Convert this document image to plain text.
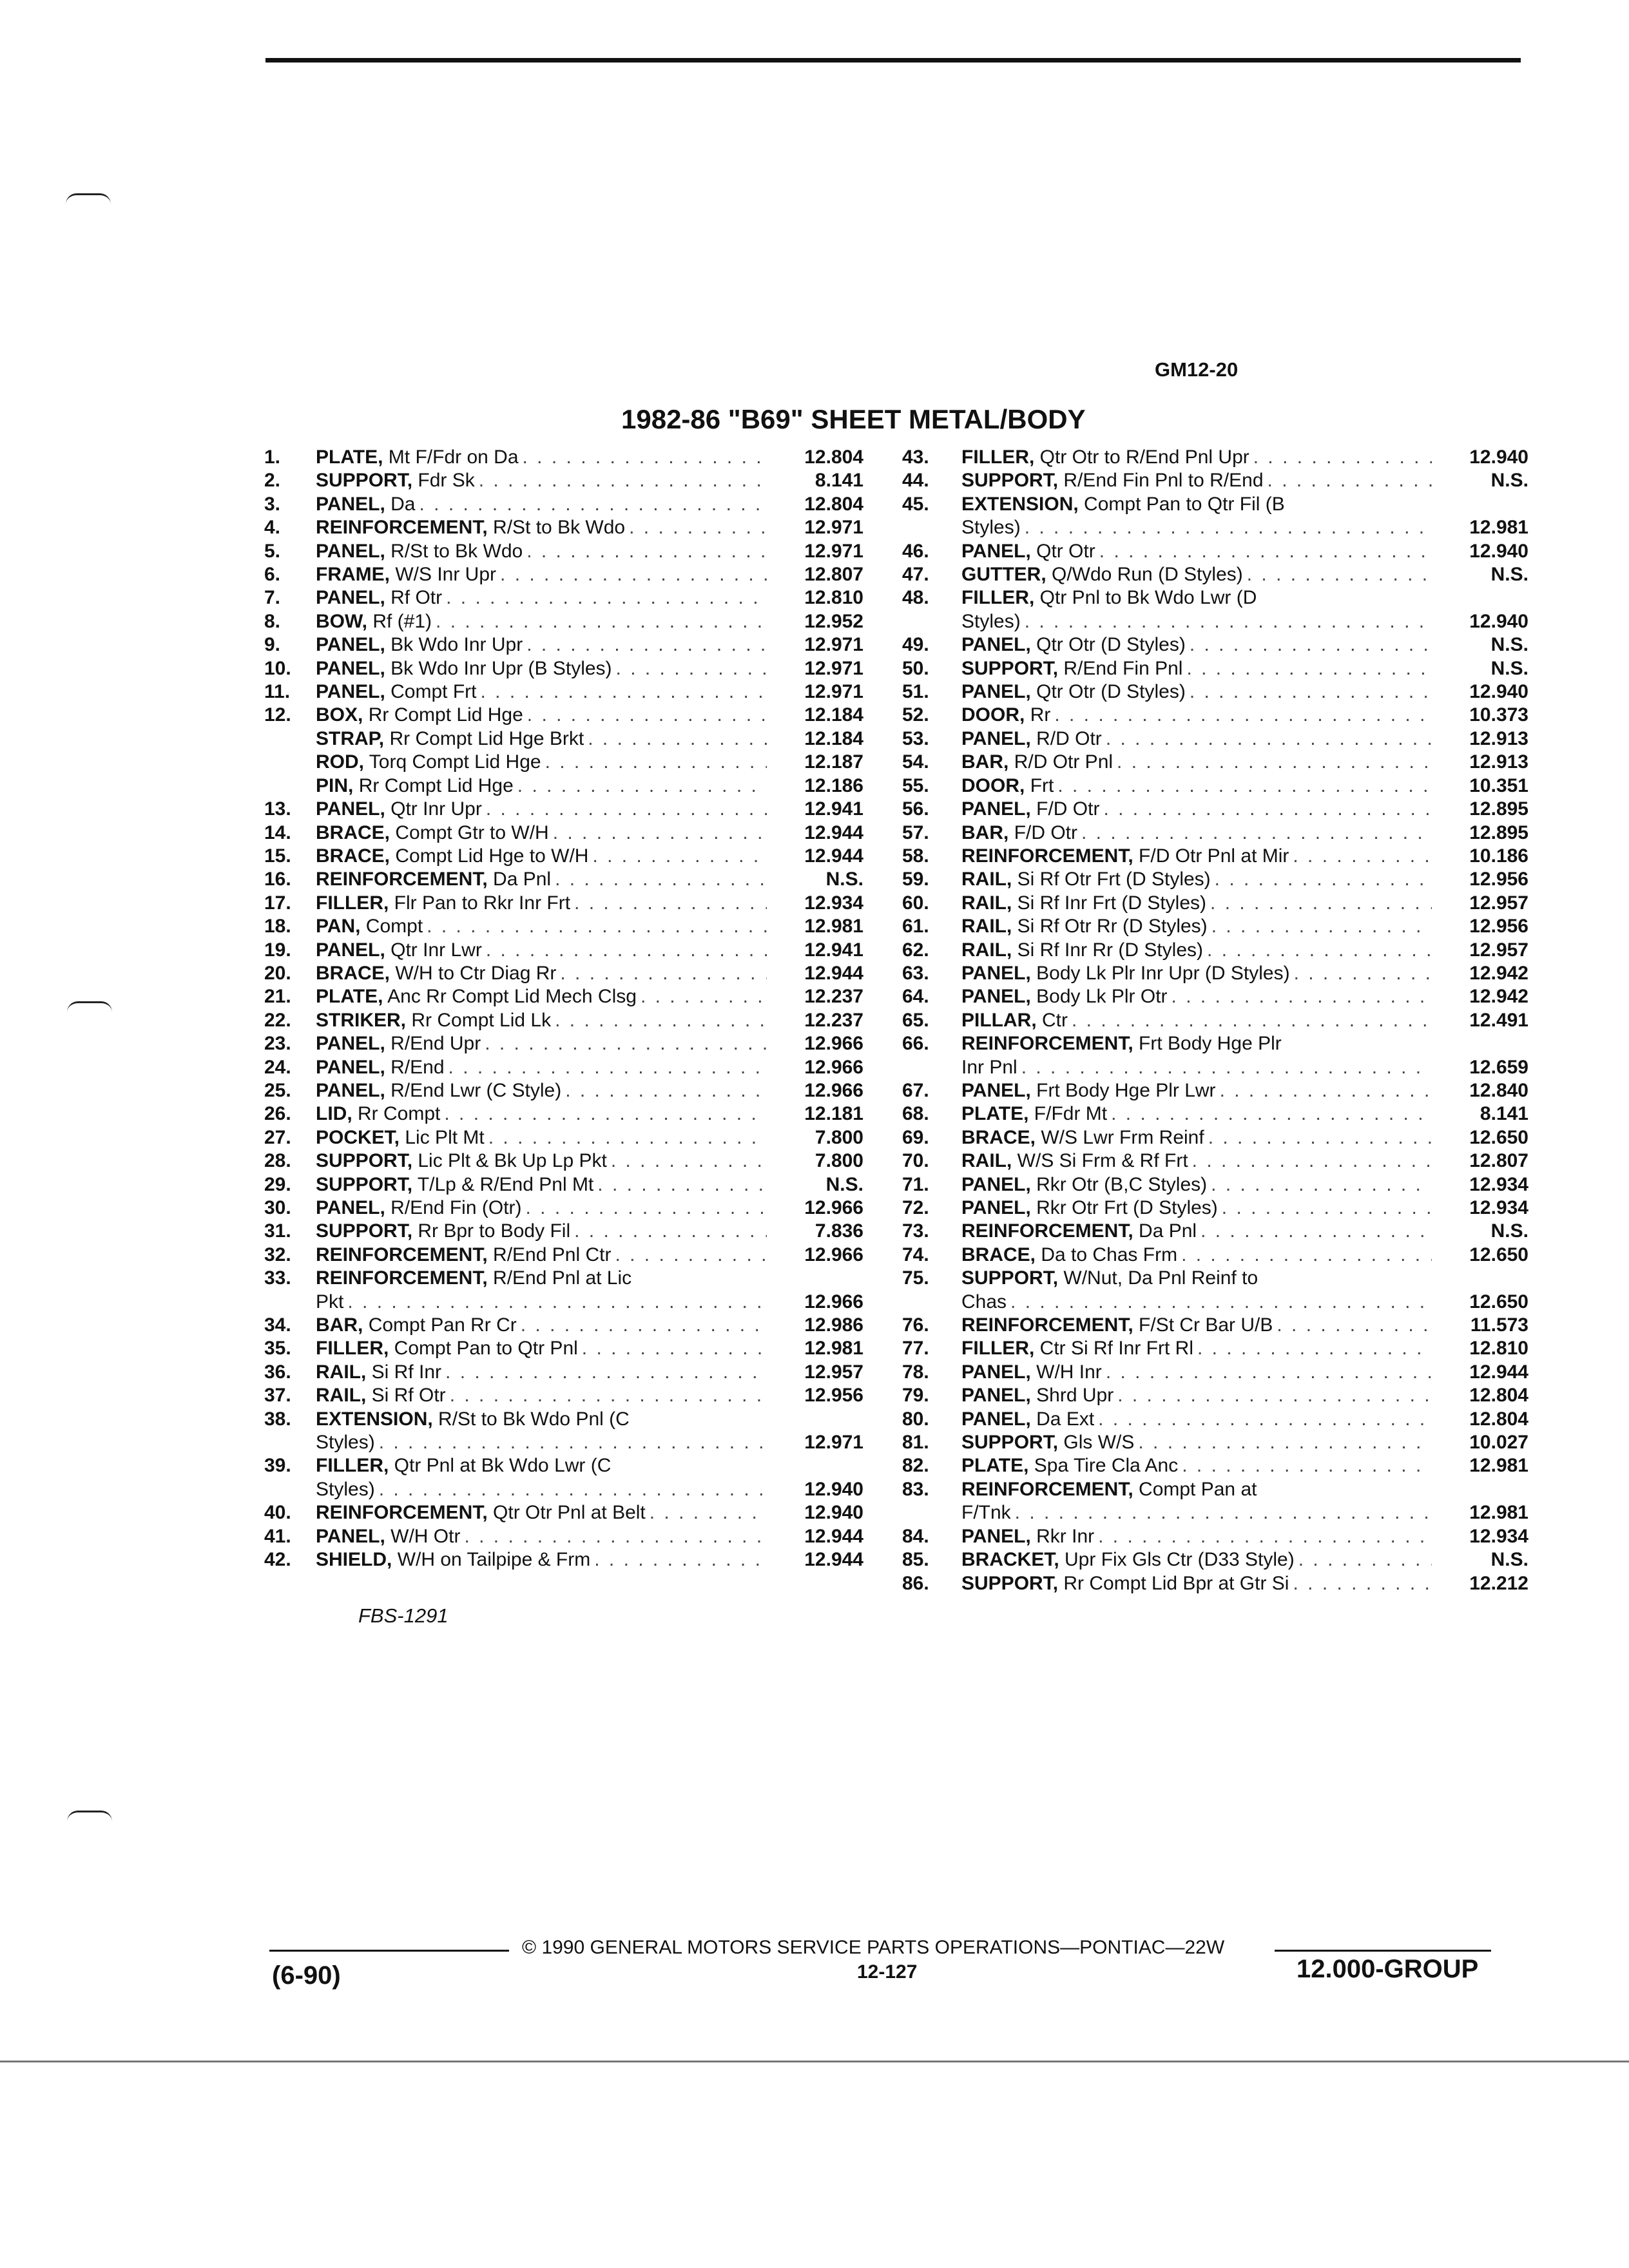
GM12-20
1982-86 "B69" SHEET METAL/BODY
1.	PLATE, Mt F/Fdr on Da . . .	12.804
2.	SUPPORT, Fdr Sk . . .	8.141
3.	PANEL, Da . . .	12.804
4.	REINFORCEMENT, R/St to Bk Wdo . . .	12.971
5.	PANEL, R/St to Bk Wdo . . .	12.971
6.	FRAME, W/S Inr Upr . . .	12.807
7.	PANEL, Rf Otr . . .	12.810
8.	BOW, Rf (#1) . . .	12.952
9.	PANEL, Bk Wdo Inr Upr . . .	12.971
10.	PANEL, Bk Wdo Inr Upr (B Styles) . . .	12.971
11.	PANEL, Compt Frt . . .	12.971
12.	BOX, Rr Compt Lid Hge . . .	12.184
STRAP, Rr Compt Lid Hge Brkt . . .	12.184
ROD, Torq Compt Lid Hge . . .	12.187
PIN, Rr Compt Lid Hge . . .	12.186
13.	PANEL, Qtr Inr Upr . . .	12.941
14.	BRACE, Compt Gtr to W/H . . .	12.944
15.	BRACE, Compt Lid Hge to W/H . . .	12.944
16.	REINFORCEMENT, Da Pnl . . .	N.S.
17.	FILLER, Flr Pan to Rkr Inr Frt . . .	12.934
18.	PAN, Compt . . .	12.981
19.	PANEL, Qtr Inr Lwr . . .	12.941
20.	BRACE, W/H to Ctr Diag Rr . . .	12.944
21.	PLATE, Anc Rr Compt Lid Mech Clsg . . .	12.237
22.	STRIKER, Rr Compt Lid Lk . . .	12.237
23.	PANEL, R/End Upr . . .	12.966
24.	PANEL, R/End . . .	12.966
25.	PANEL, R/End Lwr (C Style) . . .	12.966
26.	LID, Rr Compt . . .	12.181
27.	POCKET, Lic Plt Mt . . .	7.800
28.	SUPPORT, Lic Plt & Bk Up Lp Pkt . . .	7.800
29.	SUPPORT, T/Lp & R/End Pnl Mt . . .	N.S.
30.	PANEL, R/End Fin (Otr) . . .	12.966
31.	SUPPORT, Rr Bpr to Body Fil . . .	7.836
32.	REINFORCEMENT, R/End Pnl Ctr . . .	12.966
33.	REINFORCEMENT, R/End Pnl at Lic
Pkt . . .	12.966
34.	BAR, Compt Pan Rr Cr . . .	12.986
35.	FILLER, Compt Pan to Qtr Pnl . . .	12.981
36.	RAIL, Si Rf Inr . . .	12.957
37.	RAIL, Si Rf Otr . . .	12.956
38.	EXTENSION, R/St to Bk Wdo Pnl (C
Styles) . . .	12.971
39.	FILLER, Qtr Pnl at Bk Wdo Lwr (C
Styles) . . .	12.940
40.	REINFORCEMENT, Qtr Otr Pnl at Belt . . .	12.940
41.	PANEL, W/H Otr . . .	12.944
42.	SHIELD, W/H on Tailpipe & Frm . . .	12.944
43.	FILLER, Qtr Otr to R/End Pnl Upr . . .	12.940
44.	SUPPORT, R/End Fin Pnl to R/End . . .	N.S.
45.	EXTENSION, Compt Pan to Qtr Fil (B
Styles) . . .	12.981
46.	PANEL, Qtr Otr . . .	12.940
47.	GUTTER, Q/Wdo Run (D Styles) . . .	N.S.
48.	FILLER, Qtr Pnl to Bk Wdo Lwr (D
Styles) . . .	12.940
49.	PANEL, Qtr Otr (D Styles) . . .	N.S.
50.	SUPPORT, R/End Fin Pnl . . .	N.S.
51.	PANEL, Qtr Otr (D Styles) . . .	12.940
52.	DOOR, Rr . . .	10.373
53.	PANEL, R/D Otr . . .	12.913
54.	BAR, R/D Otr Pnl . . .	12.913
55.	DOOR, Frt . . .	10.351
56.	PANEL, F/D Otr . . .	12.895
57.	BAR, F/D Otr . . .	12.895
58.	REINFORCEMENT, F/D Otr Pnl at Mir . . .	10.186
59.	RAIL, Si Rf Otr Frt (D Styles) . . .	12.956
60.	RAIL, Si Rf Inr Frt (D Styles) . . .	12.957
61.	RAIL, Si Rf Otr Rr (D Styles) . . .	12.956
62.	RAIL, Si Rf Inr Rr (D Styles) . . .	12.957
63.	PANEL, Body Lk Plr Inr Upr (D Styles) . . .	12.942
64.	PANEL, Body Lk Plr Otr . . .	12.942
65.	PILLAR, Ctr . . .	12.491
66.	REINFORCEMENT, Frt Body Hge Plr
Inr Pnl . . .	12.659
67.	PANEL, Frt Body Hge Plr Lwr . . .	12.840
68.	PLATE, F/Fdr Mt . . .	8.141
69.	BRACE, W/S Lwr Frm Reinf . . .	12.650
70.	RAIL, W/S Si Frm & Rf Frt . . .	12.807
71.	PANEL, Rkr Otr (B,C Styles) . . .	12.934
72.	PANEL, Rkr Otr Frt (D Styles) . . .	12.934
73.	REINFORCEMENT, Da Pnl . . .	N.S.
74.	BRACE, Da to Chas Frm . . .	12.650
75.	SUPPORT, W/Nut, Da Pnl Reinf to
Chas . . .	12.650
76.	REINFORCEMENT, F/St Cr Bar U/B . . .	11.573
77.	FILLER, Ctr Si Rf Inr Frt Rl . . .	12.810
78.	PANEL, W/H Inr . . .	12.944
79.	PANEL, Shrd Upr . . .	12.804
80.	PANEL, Da Ext . . .	12.804
81.	SUPPORT, Gls W/S . . .	10.027
82.	PLATE, Spa Tire Cla Anc . . .	12.981
83.	REINFORCEMENT, Compt Pan at
F/Tnk . . .	12.981
84.	PANEL, Rkr Inr . . .	12.934
85.	BRACKET, Upr Fix Gls Ctr (D33 Style) . . .	N.S.
86.	SUPPORT, Rr Compt Lid Bpr at Gtr Si . . .	12.212
FBS-1291
© 1990 GENERAL MOTORS SERVICE PARTS OPERATIONS—PONTIAC—22W
12-127
(6-90)	12.000-GROUP
